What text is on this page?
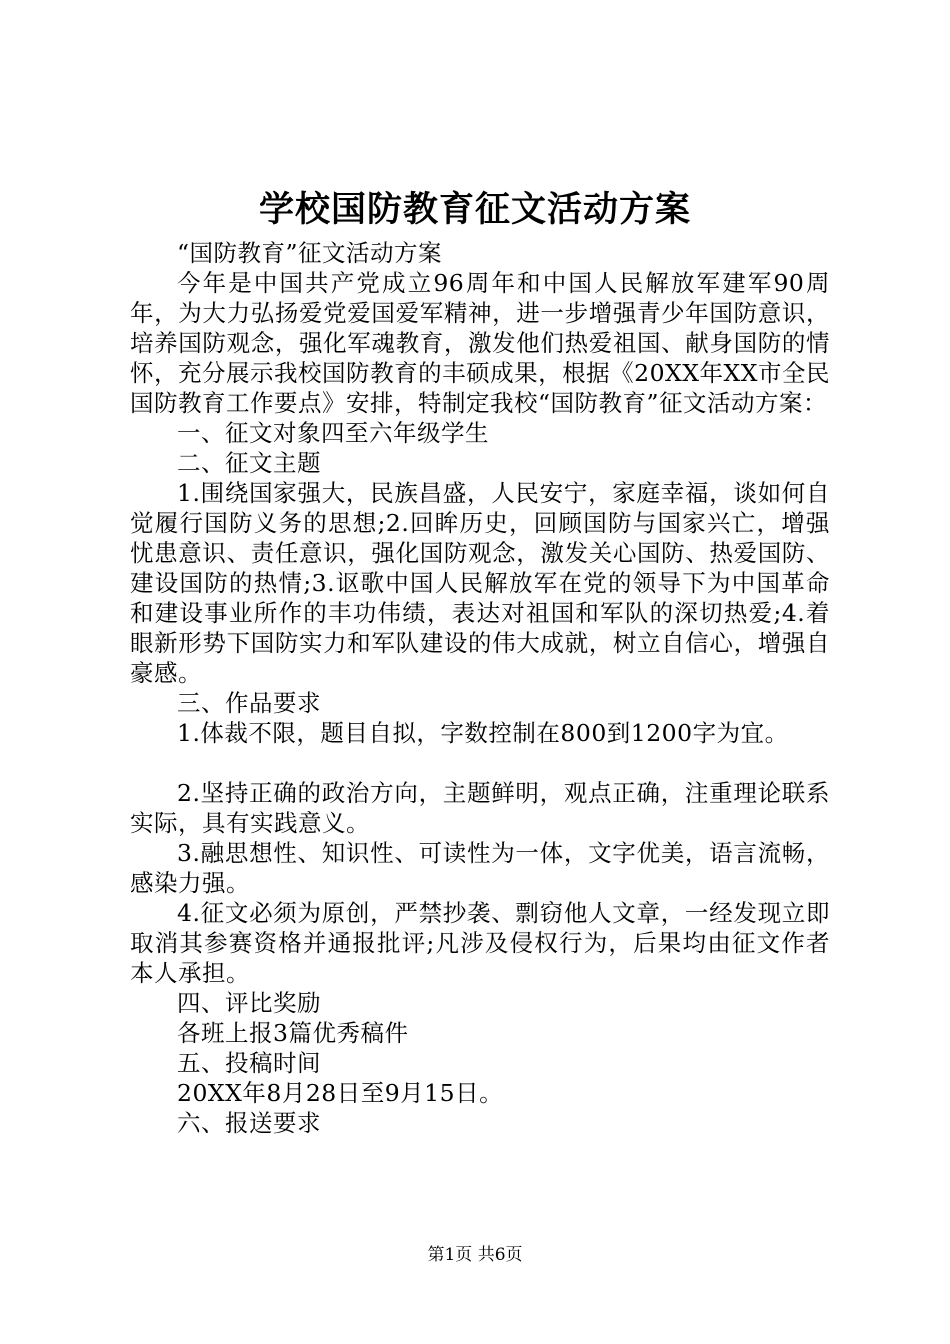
学校国防教育征文活动方案

“国防教育”征文活动方案

今年是中国共产党成立96周年和中国人民解放军建军90周年，为大力弘扬爱党爱国爱军精神，进一步增强青少年国防意识，培养国防观念，强化军魂教育，激发他们热爱祖国、献身国防的情怀，充分展示我校国防教育的丰硕成果，根据《20XX年XX市全民国防教育工作要点》安排，特制定我校“国防教育”征文活动方案：

一、征文对象四至六年级学生

二、征文主题

1.围绕国家强大，民族昌盛，人民安宁，家庭幸福，谈如何自觉履行国防义务的思想;2.回眸历史，回顾国防与国家兴亡，增强忧患意识、责任意识，强化国防观念，激发关心国防、热爱国防、建设国防的热情;3.讴歌中国人民解放军在党的领导下为中国革命和建设事业所作的丰功伟绩，表达对祖国和军队的深切热爱;4.着眼新形势下国防实力和军队建设的伟大成就，树立自信心，增强自豪感。

三、作品要求

1.体裁不限，题目自拟，字数控制在800到1200字为宜。

2.坚持正确的政治方向，主题鲜明，观点正确，注重理论联系实际，具有实践意义。

3.融思想性、知识性、可读性为一体，文字优美，语言流畅，感染力强。

4.征文必须为原创，严禁抄袭、剽窃他人文章，一经发现立即取消其参赛资格并通报批评;凡涉及侵权行为，后果均由征文作者本人承担。

四、评比奖励

各班上报3篇优秀稿件

五、投稿时间

20XX年8月28日至9月15日。

六、报送要求

第1页 共6页
